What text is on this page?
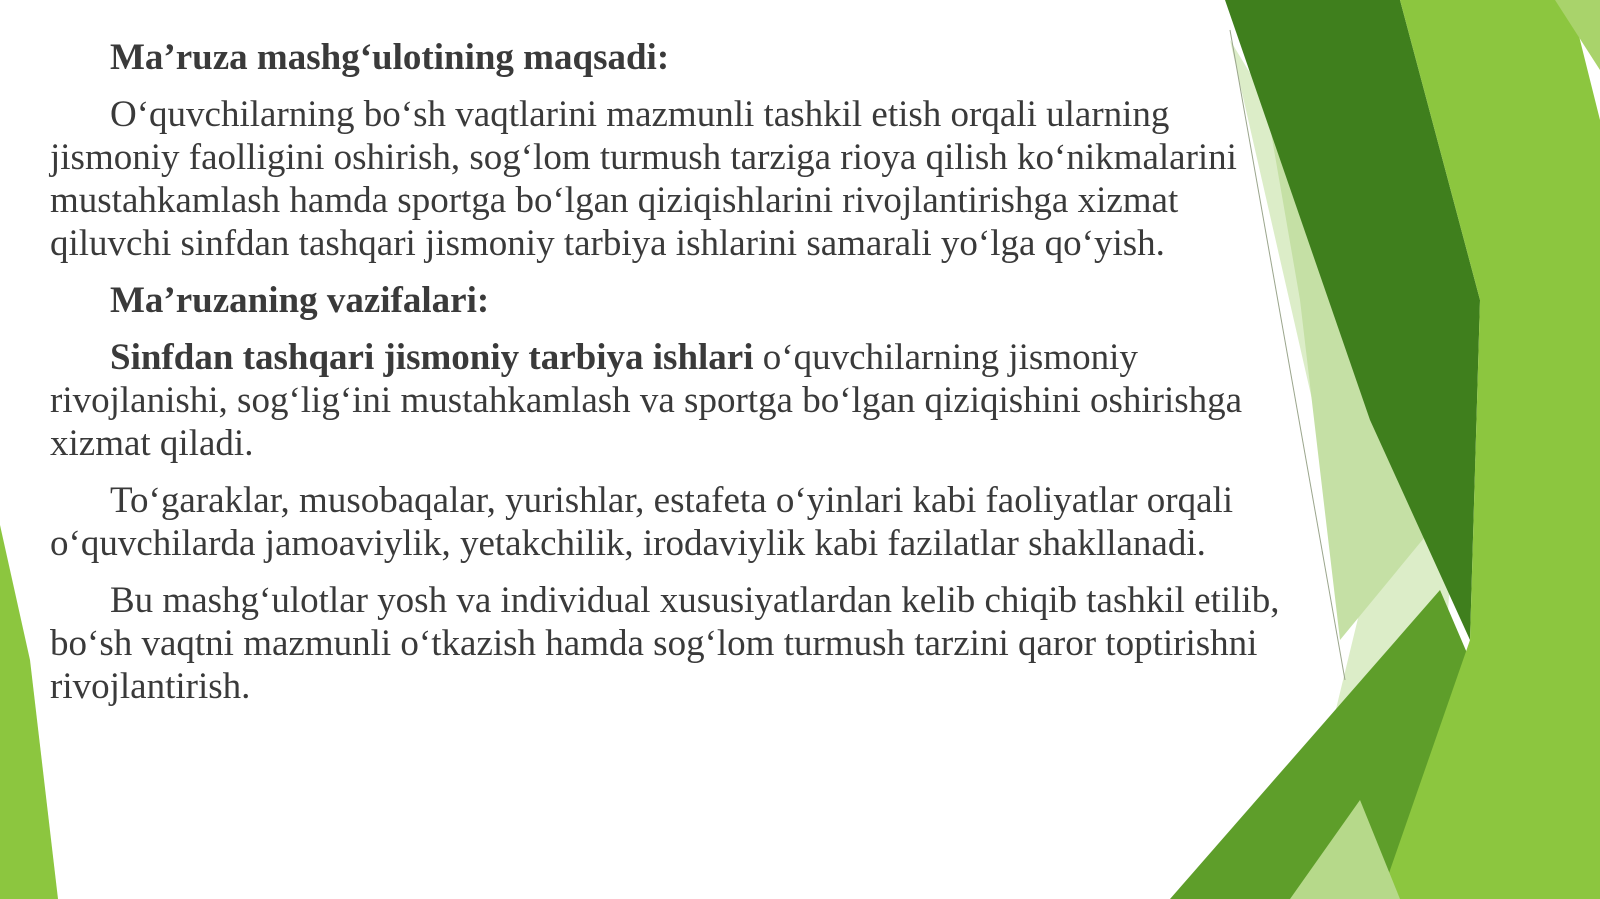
Ma’ruza mashg‘ulotining maqsadi:

O‘quvchilarning bo‘sh vaqtlarini mazmunli tashkil etish orqali ularning jismoniy faolligini oshirish, sog‘lom turmush tarziga rioya qilish ko‘nikmalarini mustahkamlash hamda sportga bo‘lgan qiziqishlarini rivojlantirishga xizmat qiluvchi sinfdan tashqari jismoniy tarbiya ishlarini samarali yo‘lga qo‘yish.

Ma’ruzaning vazifalari:

Sinfdan tashqari jismoniy tarbiya ishlari o‘quvchilarning jismoniy rivojlanishi, sog‘lig‘ini mustahkamlash va sportga bo‘lgan qiziqishini oshirishga xizmat qiladi.

To‘garaklar, musobaqalar, yurishlar, estafeta o‘yinlari kabi faoliyatlar orqali o‘quvchilarda jamoaviylik, yetakchilik, irodaviylik kabi fazilatlar shakllanadi.

Bu mashg‘ulotlar yosh va individual xususiyatlardan kelib chiqib tashkil etilib, bo‘sh vaqtni mazmunli o‘tkazish hamda sog‘lom turmush tarzini qaror toptirishni rivojlantirish.
